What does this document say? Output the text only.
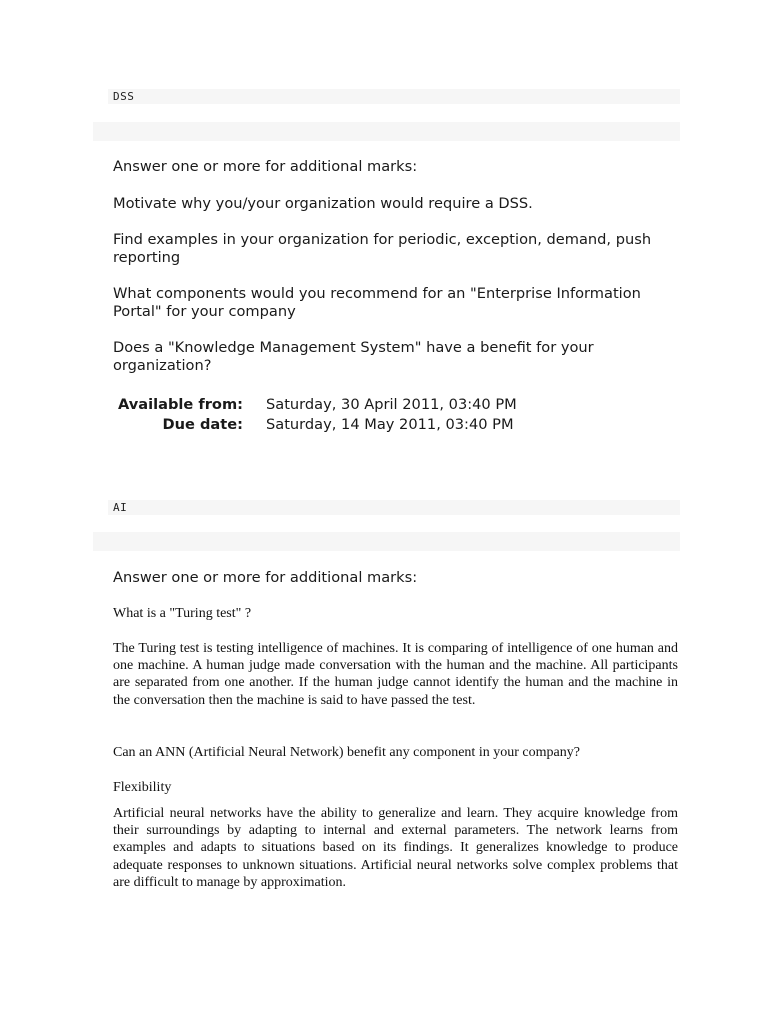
DSS
Answer one or more for additional marks:
Motivate why you/your organization would require a DSS.
Find examples in your organization for periodic, exception, demand, push reporting
What components would you recommend for an "Enterprise Information Portal" for your company
Does a "Knowledge Management System" have a benefit for your organization?
Available from: Saturday, 30 April 2011, 03:40 PM
Due date: Saturday, 14 May 2011, 03:40 PM
AI
Answer one or more for additional marks:
What is a "Turing test" ?
The Turing test is testing intelligence of machines. It is comparing of intelligence of one human and one machine. A human judge made conversation with the human and the machine. All participants are separated from one another. If the human judge cannot identify the human and the machine in the conversation then the machine is said to have passed the test.
Can an ANN (Artificial Neural Network) benefit any component in your company?
Flexibility
Artificial neural networks have the ability to generalize and learn. They acquire knowledge from their surroundings by adapting to internal and external parameters. The network learns from examples and adapts to situations based on its findings. It generalizes knowledge to produce adequate responses to unknown situations. Artificial neural networks solve complex problems that are difficult to manage by approximation.
